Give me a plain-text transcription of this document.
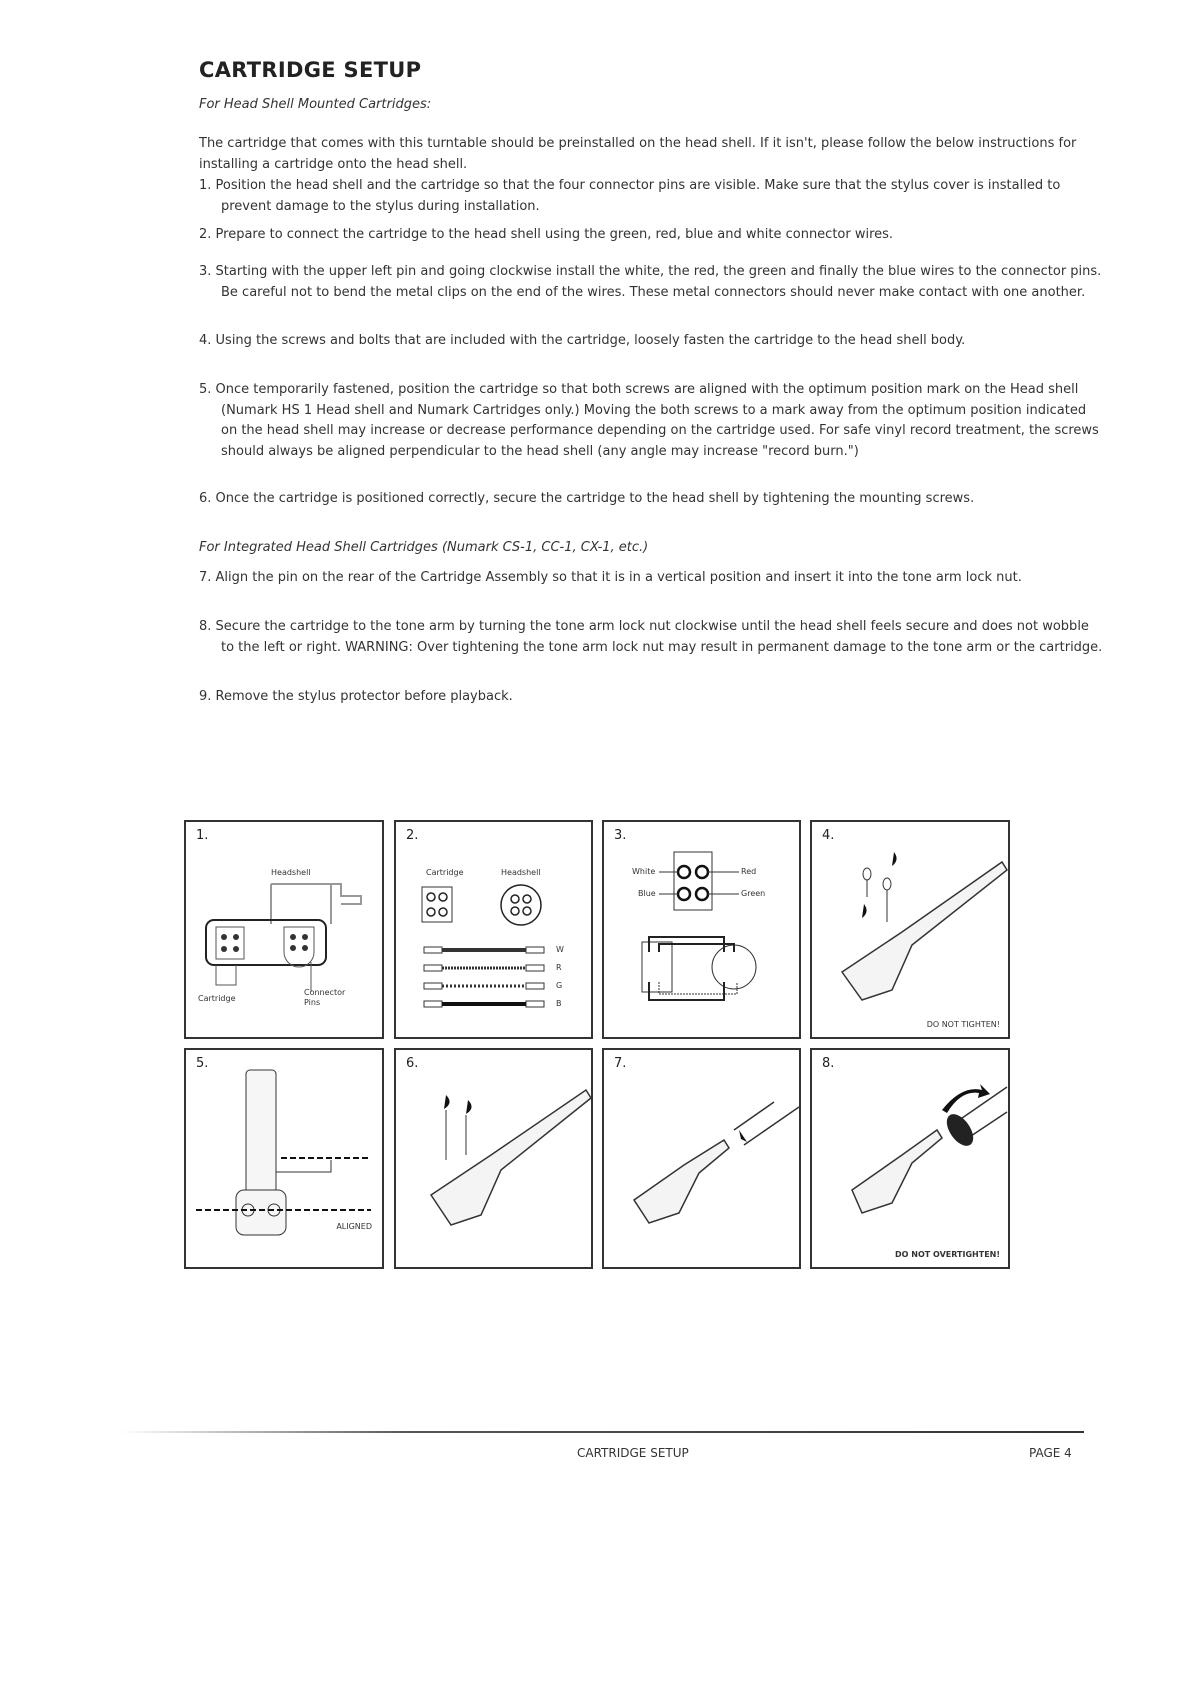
CARTRIDGE SETUP
For Head Shell Mounted Cartridges:
The cartridge that comes with this turntable should be preinstalled on the head shell. If it isn't, please follow the below instructions for installing a cartridge onto the head shell.
1. Position the head shell and the cartridge so that the four connector pins are visible. Make sure that the stylus cover is installed to prevent damage to the stylus during installation.
2. Prepare to connect the cartridge to the head shell using the green, red, blue and white connector wires.
3. Starting with the upper left pin and going clockwise install the white, the red, the green and finally the blue wires to the connector pins. Be careful not to bend the metal clips on the end of the wires. These metal connectors should never make contact with one another.
4. Using the screws and bolts that are included with the cartridge, loosely fasten the cartridge to the head shell body.
5. Once temporarily fastened, position the cartridge so that both screws are aligned with the optimum position mark on the Head shell (Numark HS 1 Head shell and Numark Cartridges only.) Moving the both screws to a mark away from the optimum position indicated on the head shell may increase or decrease performance depending on the cartridge used. For safe vinyl record treatment, the screws should always be aligned perpendicular to the head shell (any angle may increase "record burn.")
6. Once the cartridge is positioned correctly, secure the cartridge to the head shell by tightening the mounting screws.
7. Align the pin on the rear of the Cartridge Assembly so that it is in a vertical position and insert it into the tone arm lock nut.
8. Secure the cartridge to the tone arm by turning the tone arm lock nut clockwise until the head shell feels secure and does not wobble to the left or right. WARNING: Over tightening the tone arm lock nut may result in permanent damage to the tone arm or the cartridge.
9. Remove the stylus protector before playback.
For Integrated Head Shell Cartridges (Numark CS-1, CC-1, CX-1, etc.)
1.
Headshell
Cartridge
Connector
Pins
2.
Cartridge	Headshell
W
R
G
B
3.
White	Red
Blue	Green
4.
DO NOT TIGHTEN!
5.
ALIGNED
6.	7.	8.
DO NOT OVERTIGHTEN!
CARTRIDGE SETUP	PAGE 4
